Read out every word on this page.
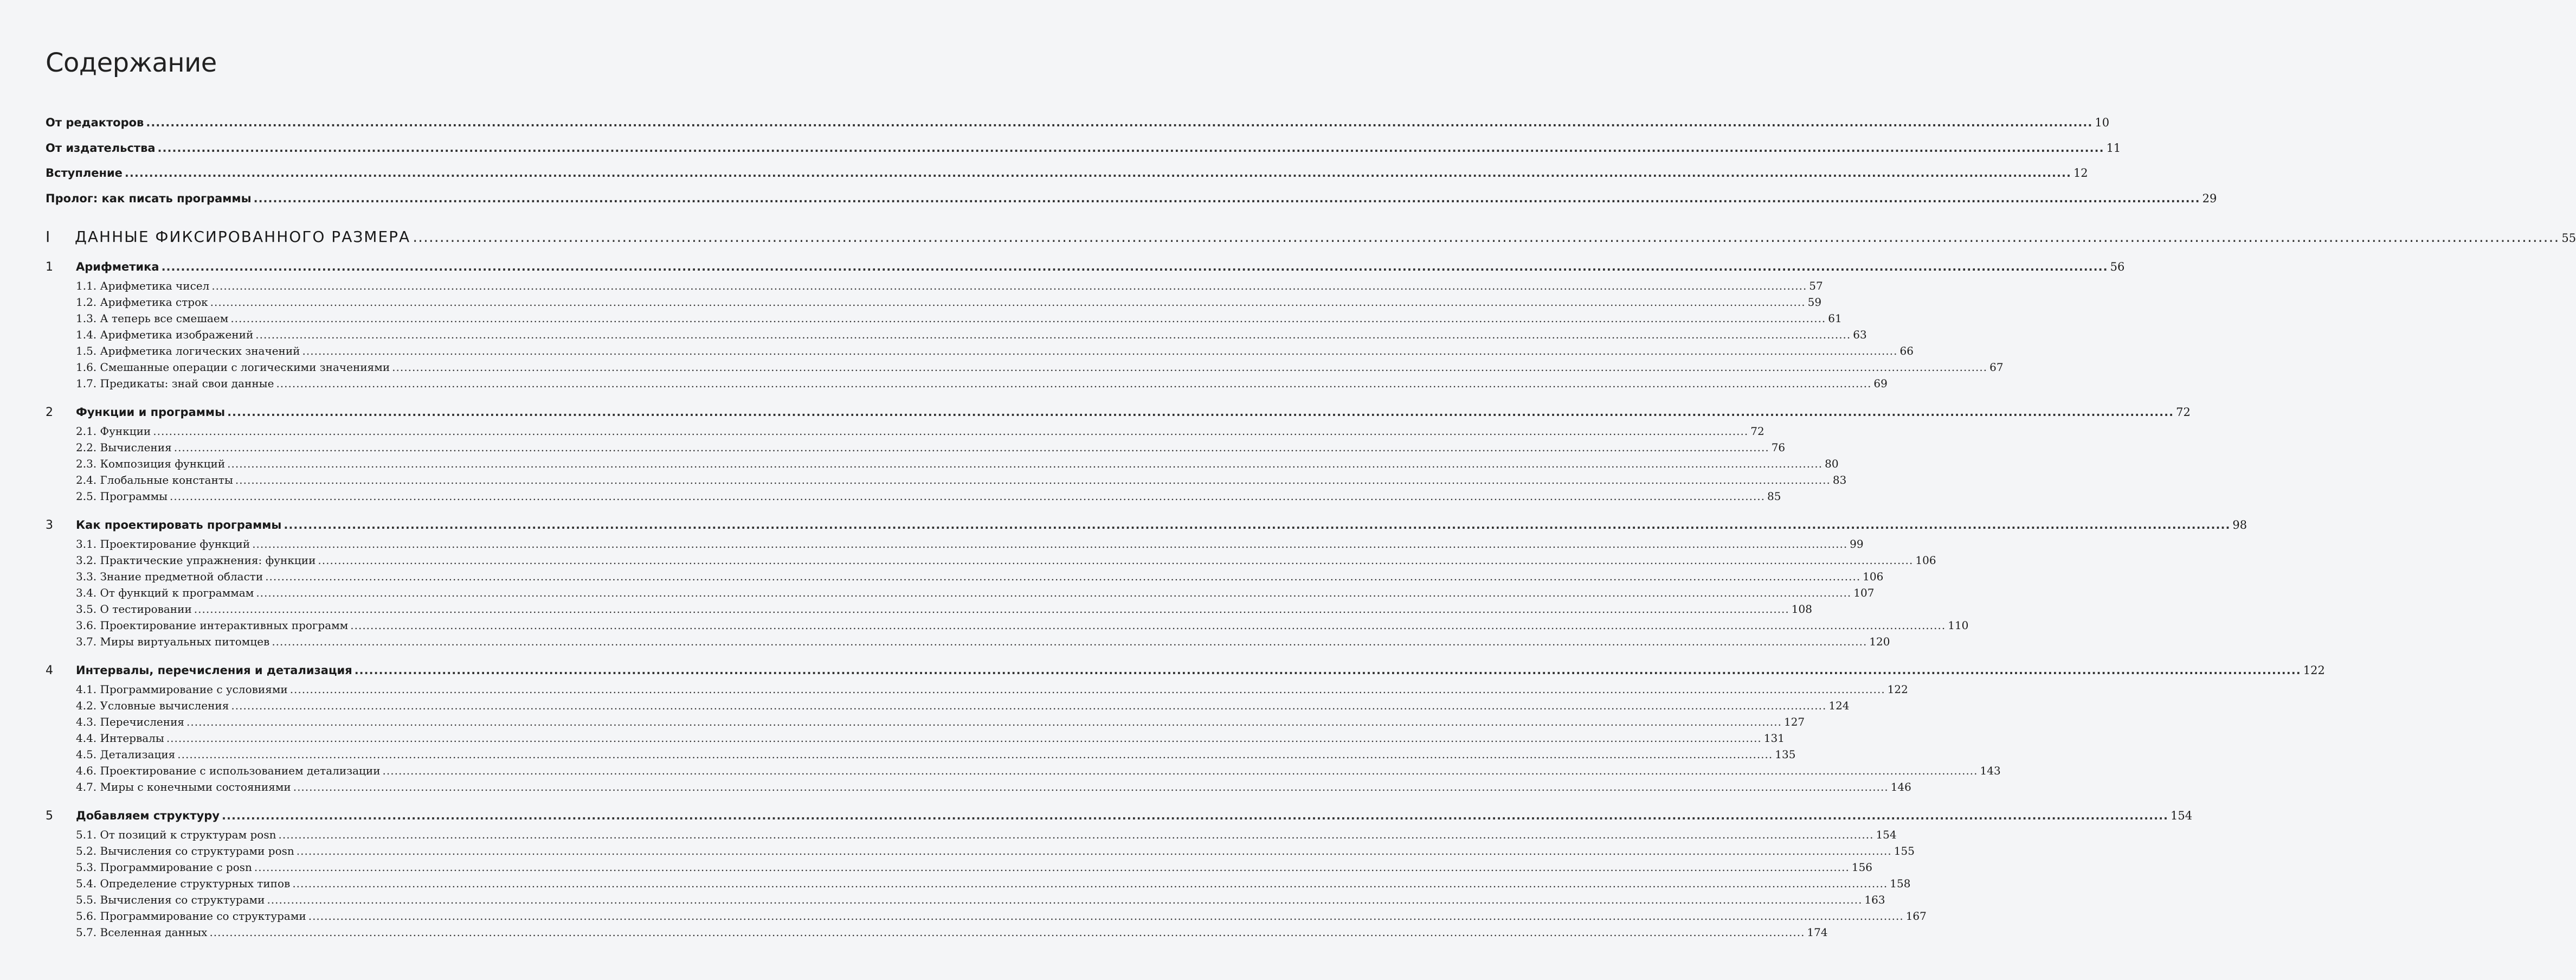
Содержание
От редакторов .....	10
От издательства .....	11
Вступление .....	12
Пролог: как писать программы .....	29
I ДАННЫЕ ФИКСИРОВАННОГО РАЗМЕРА .....	55
1 Арифметика .....	56
1.1. Арифметика чисел .....	57
1.2. Арифметика строк .....	59
1.3. А теперь все смешаем .....	61
1.4. Арифметика изображений .....	63
1.5. Арифметика логических значений .....	66
1.6. Смешанные операции с логическими значениями .....	67
1.7. Предикаты: знай свои данные .....	69
2 Функции и программы .....	72
2.1. Функции .....	72
2.2. Вычисления .....	76
2.3. Композиция функций .....	80
2.4. Глобальные константы .....	83
2.5. Программы .....	85
3 Как проектировать программы .....	98
3.1. Проектирование функций .....	99
3.2. Практические упражнения: функции .....	106
3.3. Знание предметной области .....	106
3.4. От функций к программам .....	107
3.5. О тестировании .....	108
3.6. Проектирование интерактивных программ .....	110
3.7. Миры виртуальных питомцев .....	120
4 Интервалы, перечисления и детализация .....	122
4.1. Программирование с условиями .....	122
4.2. Условные вычисления .....	124
4.3. Перечисления .....	127
4.4. Интервалы .....	131
4.5. Детализация .....	135
4.6. Проектирование с использованием детализации .....	143
4.7. Миры с конечными состояниями .....	146
5 Добавляем структуру .....	154
5.1. От позиций к структурам posn .....	154
5.2. Вычисления со структурами posn .....	155
5.3. Программирование с posn .....	156
5.4. Определение структурных типов .....	158
5.5. Вычисления со структурами .....	163
5.6. Программирование со структурами .....	167
5.7. Вселенная данных .....	174
